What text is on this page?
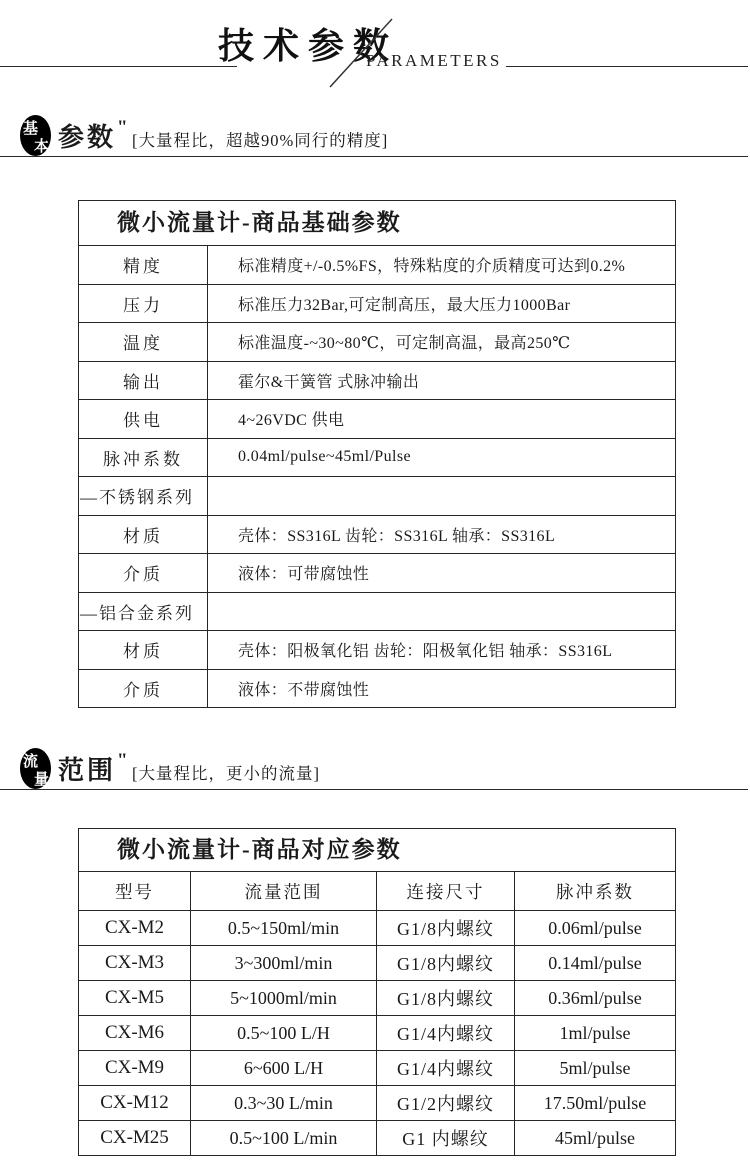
技术参数
PARAMETERS
基
本 参数"
[大量程比，超越90%同行的精度]
微小流量计-商品基础参数
精度	标准精度+/-0.5%FS，特殊粘度的介质精度可达到0.2%
压力	标准压力32Bar,可定制高压，最大压力1000Bar
温度	标准温度-~30~80℃，可定制高温，最高250℃
输出	霍尔&干簧管 式脉冲输出
供电	4~26VDC 供电
脉冲系数	0.04ml/pulse~45ml/Pulse
—不锈钢系列
材质	壳体：SS316L 齿轮：SS316L 轴承：SS316L
介质	液体：可带腐蚀性
—铝合金系列
材质	壳体：阳极氧化铝 齿轮：阳极氧化铝 轴承：SS316L
介质	液体：不带腐蚀性
流
量 范围"
[大量程比，更小的流量]
微小流量计-商品对应参数
型号	流量范围	连接尺寸	脉冲系数
CX-M2	0.5~150ml/min	G1/8内螺纹	0.06ml/pulse
CX-M3	3~300ml/min	G1/8内螺纹	0.14ml/pulse
CX-M5	5~1000ml/min	G1/8内螺纹	0.36ml/pulse
CX-M6	0.5~100 L/H	G1/4内螺纹	1ml/pulse
CX-M9	6~600 L/H	G1/4内螺纹	5ml/pulse
CX-M12	0.3~30 L/min	G1/2内螺纹	17.50ml/pulse
CX-M25	0.5~100 L/min	G1 内螺纹	45ml/pulse
